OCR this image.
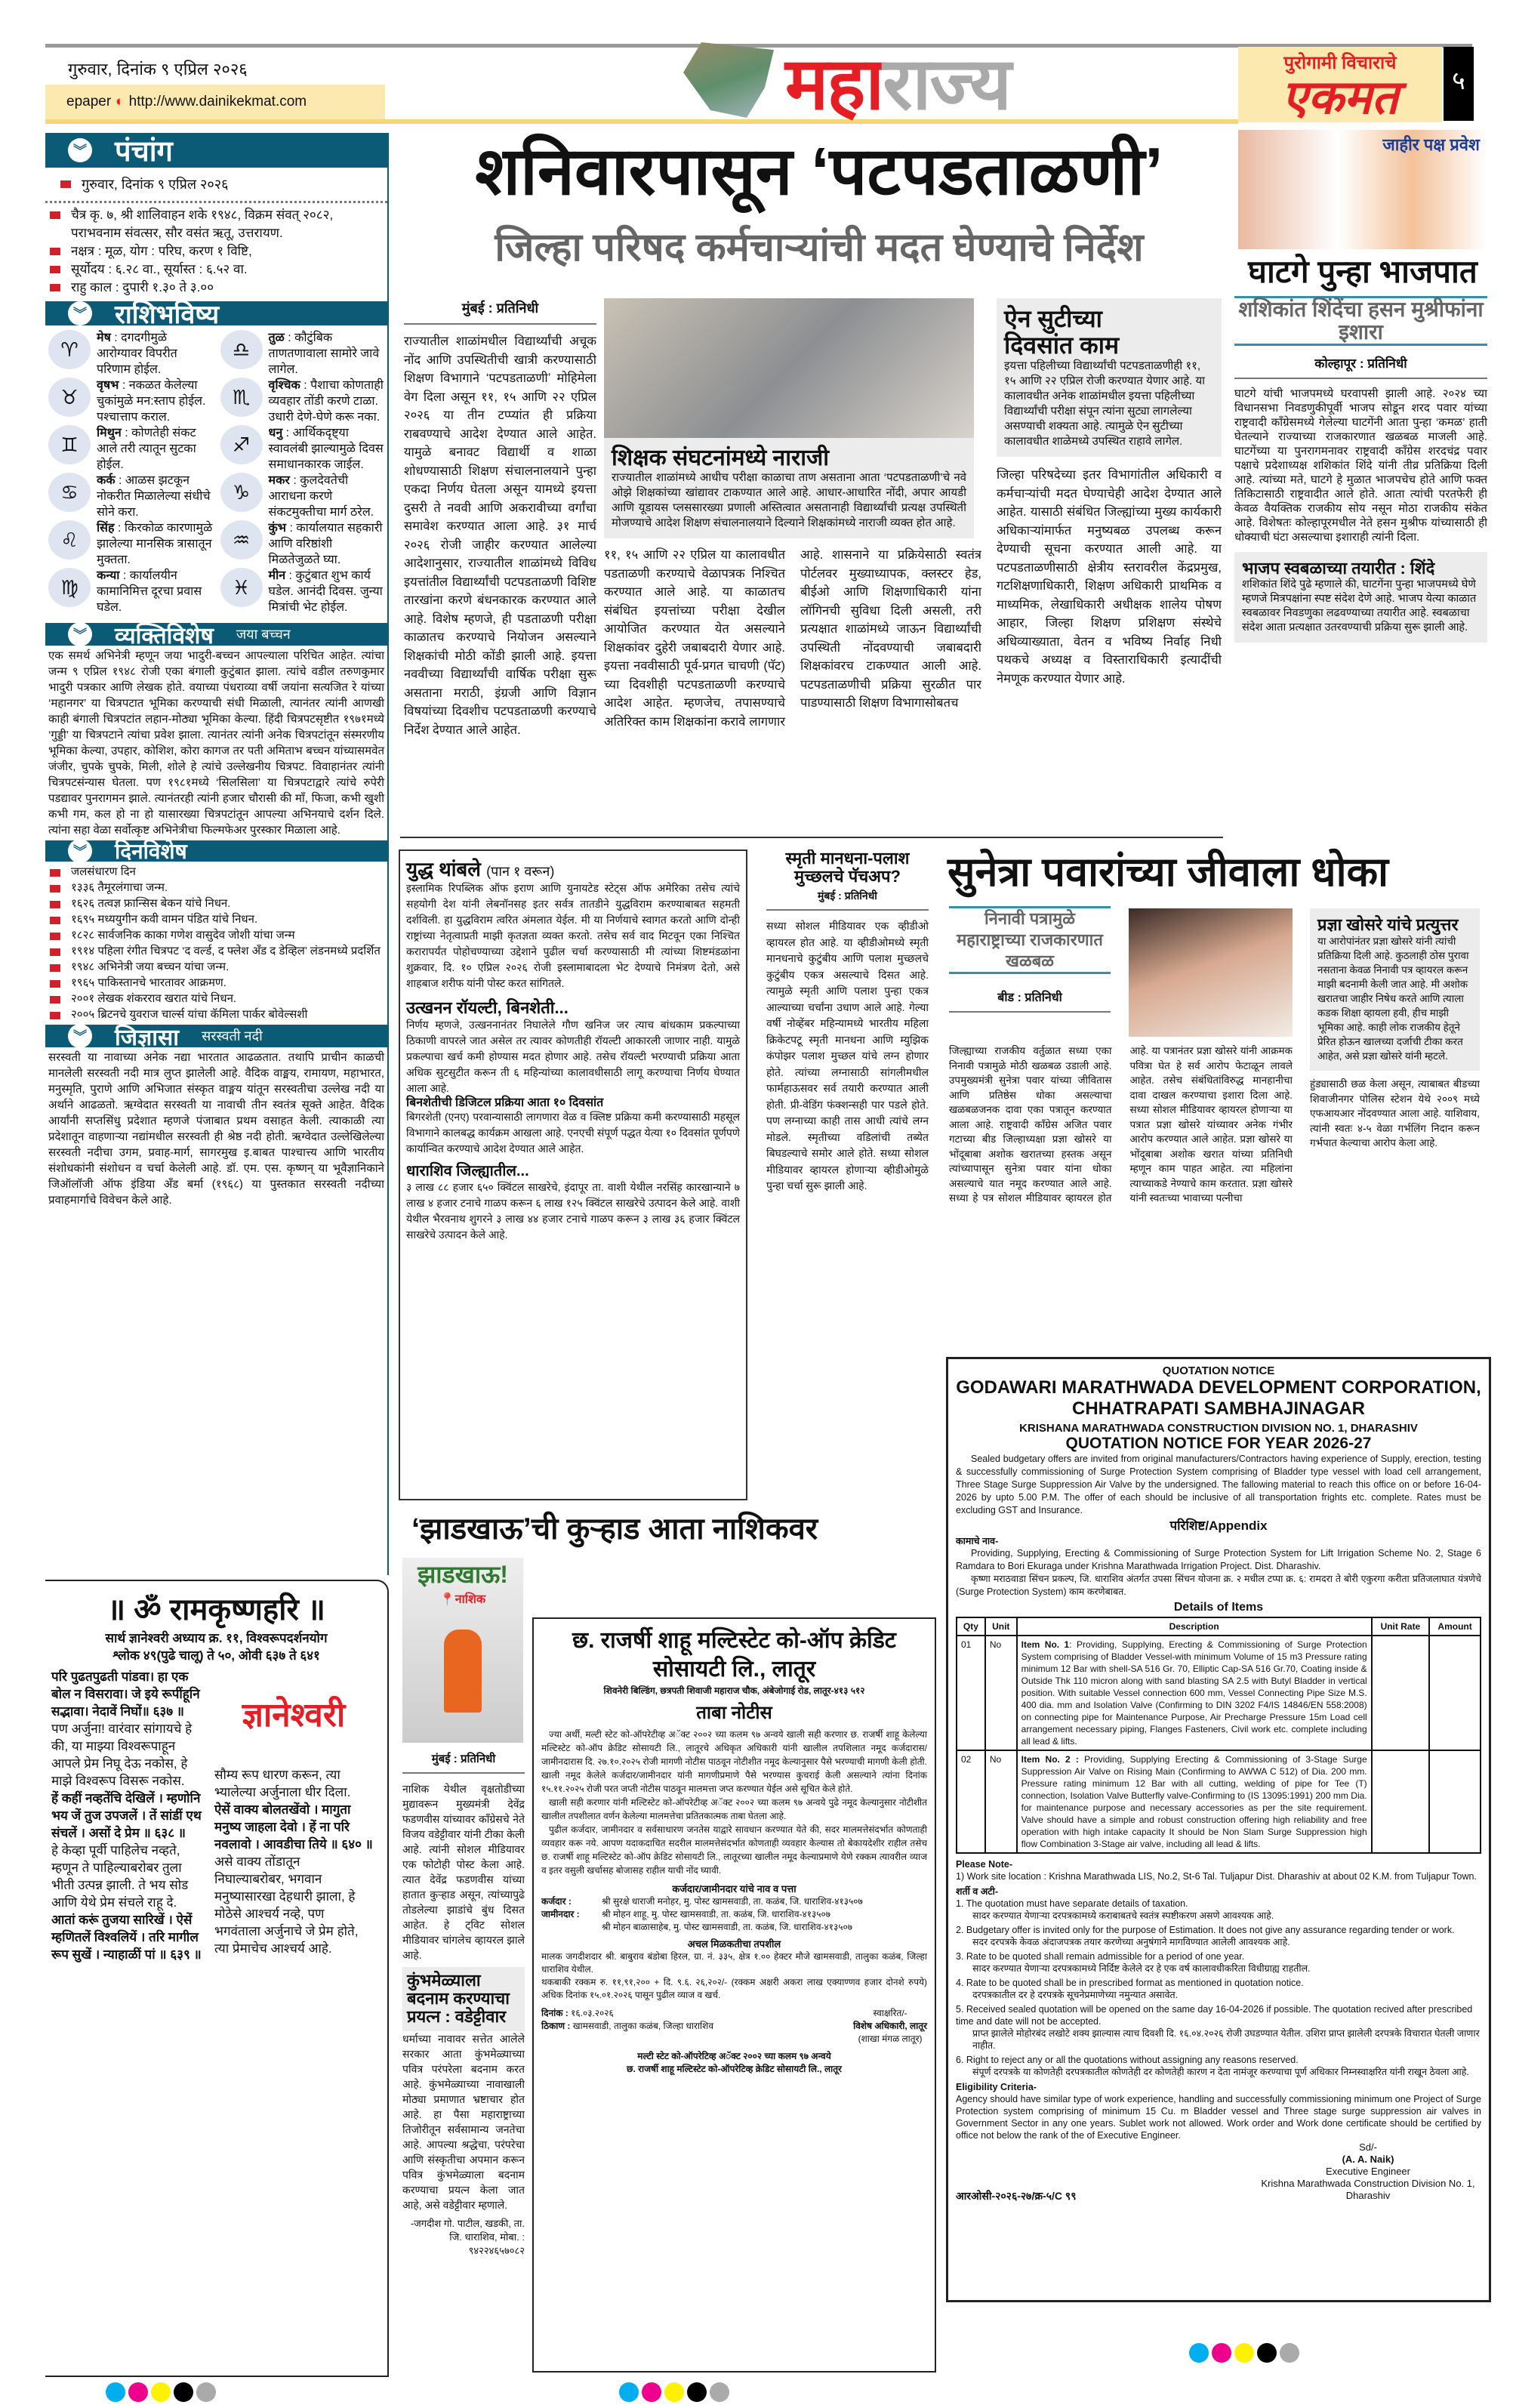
गुरुवार, दिनांक ९ एप्रिल २०२६
epaper ◐ http://www.dainikekmat.com	महाराज्य	पुरोगामी विचाराचे
एकमत	५
︾ पंचांग
गुरुवार, दिनांक ९ एप्रिल २०२६
चैत्र कृ. ७, श्री शालिवाहन शके १९४८, विक्रम संवत् २०८२, पराभवनाम संवत्सर, सौर वसंत ऋतू, उत्तरायण.
नक्षत्र : मूळ, योग : परिघ, करण १ विष्टि,
सूर्योदय : ६.२८ वा., सूर्यास्त : ६.५२ वा.
राहु काल : दुपारी १.३० ते ३.००
︾ राशिभविष्य
♈	मेष : दगदगीमुळे आरोग्यावर विपरीत परिणाम होईल.
♎	तुळ : कौटुंबिक ताणतणावाला सामोरे जावे लागेल.
♉	वृषभ : नकळत केलेल्या चुकांमुळे मन:स्ताप होईल. पश्चात्ताप कराल.
♏	वृश्चिक : पैशाचा कोणताही व्यवहार तोंडी करणे टाळा. उधारी देणे-घेणे करू नका.
♊	मिथुन : कोणतेही संकट आले तरी त्यातून सुटका होईल.
♐	धनु : आर्थिकदृष्ट्या स्वावलंबी झाल्यामुळे दिवस समाधानकारक जाईल.
♋	कर्क : आळस झटकून नोकरीत मिळालेल्या संधीचे सोने करा.
♑	मकर : कुलदेवतेची आराधना करणे संकटमुक्तीचा मार्ग ठरेल.
♌	सिंह : किरकोळ कारणामुळे झालेल्या मानसिक त्रासातून मुक्तता.
♒	कुंभ : कार्यालयात सहकारी आणि वरिष्ठांशी मिळतेजुळते घ्या.
♍	कन्या : कार्यालयीन कामानिमित्त दूरचा प्रवास घडेल.
♓	मीन : कुटुंबात शुभ कार्य घडेल. आनंदी दिवस. जुन्या मित्रांची भेट होईल.
︾ व्यक्तिविशेष जया बच्चन

एक समर्थ अभिनेत्री म्हणून जया भादुरी-बच्चन आपल्याला परिचित आहेत. त्यांचा जन्म ९ एप्रिल १९४८ रोजी एका बंगाली कुटुंबात झाला. त्यांचे वडील तरुणकुमार भादुरी पत्रकार आणि लेखक होते. वयाच्या पंधराव्या वर्षी जयांना सत्यजित रे यांच्या ‘महानगर’ या चित्रपटात भूमिका करण्याची संधी मिळाली, त्यानंतर त्यांनी आणखी काही बंगाली चित्रपटांत लहान-मोठ्या भूमिका केल्या. हिंदी चित्रपटसृष्टीत १९७१मध्ये ‘गुड्डी’ या चित्रपटाने त्यांचा प्रवेश झाला. त्यानंतर त्यांनी अनेक चित्रपटांतून संस्मरणीय भूमिका केल्या, उपहार, कोशिश, कोरा कागज तर पती अमिताभ बच्चन यांच्यासमवेत जंजीर, चुपके चुपके, मिली, शोले हे त्यांचे उल्लेखनीय चित्रपट. विवाहानंतर त्यांनी चित्रपटसंन्यास घेतला. पण १९८१मध्ये ‘सिलसिला’ या चित्रपटाद्वारे त्यांचे रुपेरी पडद्यावर पुनरागमन झाले. त्यानंतरही त्यांनी हजार चौरासी की माँ, फिजा, कभी खुशी कभी गम, कल हो ना हो यासारख्या चित्रपटांतून आपल्या अभिनयाचे दर्शन दिले. त्यांना सहा वेळा सर्वोत्कृष्ट अभिनेत्रीचा फिल्मफेअर पुरस्कार मिळाला आहे.

︾ दिनविशेष
जलसंधारण दिन
१३३६ तैमूरलंगाचा जन्म.
१६२६ तत्वज्ञ फ्रान्सिस बेकन यांचे निधन.
१६९५ मध्ययुगीन कवी वामन पंडित यांचे निधन.
१८२८ सार्वजनिक काका गणेश वासुदेव जोशी यांचा जन्म
१९१४ पहिला रंगीत चित्रपट ‘द वर्ल्ड, द फ्लेश अँड द डेव्हिल’ लंडनमध्ये प्रदर्शित
१९४८ अभिनेत्री जया बच्चन यांचा जन्म.
१९६५ पाकिस्तानचे भारतावर आक्रमण.
२००१ लेखक शंकरराव खरात यांचे निधन.
२००५ ब्रिटनचे युवराज चार्ल्स यांचा कॅमिला पार्कर बोवेल्सशी
︾ जिज्ञासा सरस्वती नदी

सरस्वती या नावाच्या अनेक नद्या भारतात आढळतात. तथापि प्राचीन काळची मानलेली सरस्वती नदी मात्र लुप्त झालेली आहे. वैदिक वाङ्मय, रामायण, महाभारत, मनुस्मृति, पुराणे आणि अभिजात संस्कृत वाङ्मय यांतून सरस्वतीचा उल्लेख नदी या अर्थाने आढळतो. ऋग्वेदात सरस्वती या नावाची तीन स्वतंत्र सूक्ते आहेत. वैदिक आर्यांनी सप्तसिंधु प्रदेशात म्हणजे पंजाबात प्रथम वसाहत केली. त्याकाळी त्या प्रदेशातून वाहणाऱ्या नद्यांमधील सरस्वती ही श्रेष्ठ नदी होती. ऋग्वेदात उल्लेखिलेल्या सरस्वती नदीचा उगम, प्रवाह-मार्ग, सागरमुख इ.बाबत पाश्चात्त्य आणि भारतीय संशोधकांनी संशोधन व चर्चा केलेली आहे. डॉ. एम. एस. कृष्णन् या भूवैज्ञानिकाने जिऑलॉजी ऑफ इंडिया अँड बर्मा (१९६८) या पुस्तकात सरस्वती नदीच्या प्रवाहमार्गाचे विवेचन केले आहे.

॥ ॐ रामकृष्णहरि ॥
सार्थ ज्ञानेश्वरी अध्याय क्र. ११, विश्वरूपदर्शनयोग
श्लोक ४९(पुढे चालू) ते ५०, ओवी ६३७ ते ६४१
परि पुढतपुढती पांडवा। हा एक बोल न विसरावा। जे इये रूपींहूनि सद्भावा। नेदावें निघों॥ ६३७ ॥
पण अर्जुना! वारंवार सांगायचे हे की, या माझ्या विश्वरूपाहून आपले प्रेम निघू देऊ नकोस, हे माझे विश्वरूप विसरू नकोस.
हें कहीं नव्हतेंचि देखिलें । म्हणोनि भय जें तुज उपजलें । तें सांडीं एथ संचलें । असों दे प्रेम ॥ ६३८ ॥
हे केव्हा पूर्वी पाहिलेच नव्हते, म्हणून ते पाहिल्याबरोबर तुला भीती उत्पन्न झाली. ते भय सोड आणि येथे प्रेम संचले राहू दे.
आतां करूं तुजया सारिखें । ऐसें म्हणितलें विश्वलियें । तरि मागील रूप सुखें । न्याहाळीं पां ॥ ६३९ ॥
ज्ञानेश्वरी
सौम्य रूप धारण करून, त्या भ्यालेल्या अर्जुनाला धीर दिला.
ऐसें वाक्य बोलतखेंवो । मागुता मनुष्य जाहला देवो । हें ना परि नवलावो । आवडीचा तिये ॥ ६४० ॥
असे वाक्य तोंडातून निघाल्याबरोबर, भगवान मनुष्यासारखा देहधारी झाला, हे मोठेसे आश्चर्य नव्हे, पण भगवंताला अर्जुनाचे जे प्रेम होते, त्या प्रेमाचेच आश्चर्य आहे.
शनिवारपासून ‘पटपडताळणी’
जिल्हा परिषद कर्मचाऱ्यांची मदत घेण्याचे निर्देश
मुंबई : प्रतिनिधी

राज्यातील शाळांमधील विद्यार्थ्यांची अचूक नोंद आणि उपस्थितीची खात्री करण्यासाठी शिक्षण विभागाने ‘पटपडताळणी’ मोहिमेला वेग दिला असून ११, १५ आणि २२ एप्रिल २०२६ या तीन टप्प्यांत ही प्रक्रिया राबवण्याचे आदेश देण्यात आले आहेत. यामुळे बनावट विद्यार्थी व शाळा शोधण्यासाठी शिक्षण संचालनालयाने पुन्हा एकदा निर्णय घेतला असून यामध्ये इयत्ता दुसरी ते नववी आणि अकरावीच्या वर्गांचा समावेश करण्यात आला आहे. ३१ मार्च २०२६ रोजी जाहीर करण्यात आलेल्या आदेशानुसार, राज्यातील शाळांमध्ये विविध इयत्तांतील विद्यार्थ्यांची पटपडताळणी विशिष्ट तारखांना करणे बंधनकारक करण्यात आले आहे. विशेष म्हणजे, ही पडताळणी परीक्षा काळातच करण्याचे नियोजन असल्याने शिक्षकांची मोठी कोंडी झाली आहे. इयत्ता नववीच्या विद्यार्थ्यांची वार्षिक परीक्षा सुरू असताना मराठी, इंग्रजी आणि विज्ञान विषयांच्या दिवशीच पटपडताळणी करण्याचे निर्देश देण्यात आले आहेत.

शिक्षक संघटनांमध्ये नाराजी

राज्यातील शाळांमध्ये आधीच परीक्षा काळाचा ताण असताना आता ‘पटपडताळणी’चे नवे ओझे शिक्षकांच्या खांद्यावर टाकण्यात आले आहे. आधार-आधारित नोंदी, अपार आयडी आणि यूडायस प्लससारख्या प्रणाली अस्तित्वात असतानाही विद्यार्थ्यांची प्रत्यक्ष उपस्थिती मोजण्याचे आदेश शिक्षण संचालनालयाने दिल्याने शिक्षकांमध्ये नाराजी व्यक्त होत आहे.

११, १५ आणि २२ एप्रिल या कालावधीत पडताळणी करण्याचे वेळापत्रक निश्चित करण्यात आले आहे. या काळातच संबंधित इयत्तांच्या परीक्षा देखील आयोजित करण्यात येत असल्याने शिक्षकांवर दुहेरी जबाबदारी येणार आहे. इयत्ता नववीसाठी पूर्व-प्रगत चाचणी (पॅट) च्या दिवशीही पटपडताळणी करण्याचे आदेश आहेत. म्हणजेच, तपासण्याचे अतिरिक्त काम शिक्षकांना करावे लागणार आहे. शासनाने या प्रक्रियेसाठी स्वतंत्र पोर्टलवर मुख्याध्यापक, क्लस्टर हेड, बीईओ आणि शिक्षणाधिकारी यांना लॉगिनची सुविधा दिली असली, तरी प्रत्यक्षात शाळांमध्ये जाऊन विद्यार्थ्यांची उपस्थिती नोंदवण्याची जबाबदारी शिक्षकांवरच टाकण्यात आली आहे. पटपडताळणीची प्रक्रिया सुरळीत पार पाडण्यासाठी शिक्षण विभागासोबतच
ऐन सुटीच्या दिवसांत काम

इयत्ता पहिलीच्या विद्यार्थ्यांची पटपडताळणीही ११, १५ आणि २२ एप्रिल रोजी करण्यात येणार आहे. या कालावधीत अनेक शाळांमधील इयत्ता पहिलीच्या विद्यार्थ्यांची परीक्षा संपून त्यांना सुट्या लागलेल्या असण्याची शक्यता आहे. त्यामुळे ऐन सुटीच्या कालावधीत शाळेमध्ये उपस्थित राहावे लागेल.

जिल्हा परिषदेच्या इतर विभागांतील अधिकारी व कर्मचाऱ्यांची मदत घेण्याचेही आदेश देण्यात आले आहेत. यासाठी संबंधित जिल्ह्यांच्या मुख्य कार्यकारी अधिकाऱ्यांमार्फत मनुष्यबळ उपलब्ध करून देण्याची सूचना करण्यात आली आहे. या पटपडताळणीसाठी क्षेत्रीय स्तरावरील केंद्रप्रमुख, गटशिक्षणाधिकारी, शिक्षण अधिकारी प्राथमिक व माध्यमिक, लेखाधिकारी अधीक्षक शालेय पोषण आहार, जिल्हा शिक्षण प्रशिक्षण संस्थेचे अधिव्याख्याता, वेतन व भविष्य निर्वाह निधी पथकचे अध्यक्ष व विस्ताराधिकारी इत्यादींची नेमणूक करण्यात येणार आहे.
जाहीर पक्ष प्रवेश
घाटगे पुन्हा भाजपात
शशिकांत शिंदेंचा हसन मुश्रीफांना इशारा
कोल्हापूर : प्रतिनिधी

घाटगे यांची भाजपमध्ये घरवापसी झाली आहे. २०२४ च्या विधानसभा निवडणुकीपूर्वी भाजप सोडून शरद पवार यांच्या राष्ट्रवादी काँग्रेसमध्ये गेलेल्या घाटगेंनी आता पुन्हा ‘कमळ’ हाती घेतल्याने राज्याच्या राजकारणात खळबळ माजली आहे. घाटगेंच्या या पुनरागमनावर राष्ट्रवादी काँग्रेस शरदचंद्र पवार पक्षाचे प्रदेशाध्यक्ष शशिकांत शिंदे यांनी तीव्र प्रतिक्रिया दिली आहे. त्यांच्या मते, घाटगे हे मुळात भाजपचेच होते आणि फक्त तिकिटासाठी राष्ट्रवादीत आले होते. आता त्यांची परतफेरी ही केवळ वैयक्तिक राजकीय सोय नसून मोठा राजकीय संकेत आहे. विशेषतः कोल्हापूरमधील नेते हसन मुश्रीफ यांच्यासाठी ही धोक्याची घंटा असल्याचा इशाराही त्यांनी दिला.

भाजप स्वबळाच्या तयारीत : शिंदे

शशिकांत शिंदे पुढे म्हणाले की, घाटगेंना पुन्हा भाजपमध्ये घेणे म्हणजे मित्रपक्षांना स्पष्ट संदेश देणे आहे. भाजप येत्या काळात स्वबळावर निवडणुका लढवण्याच्या तयारीत आहे. स्वबळाचा संदेश आता प्रत्यक्षात उतरवण्याची प्रक्रिया सुरू झाली आहे.

युद्ध थांबले (पान १ वरून)

इस्लामिक रिपब्लिक ऑफ इराण आणि युनायटेड स्टेट्स ऑफ अमेरिका तसेच त्यांचे सहयोगी देश यांनी लेबनॉनसह इतर सर्वत्र तातडीने युद्धविराम करण्याबाबत सहमती दर्शविली. हा युद्धविराम त्वरित अंमलात येईल. मी या निर्णयाचे स्वागत करतो आणि दोन्ही राष्ट्रांच्या नेतृत्वाप्रती माझी कृतज्ञता व्यक्त करतो. तसेच सर्व वाद मिटवून एका निश्चित करारापर्यंत पोहोचण्याच्या उद्देशाने पुढील चर्चा करण्यासाठी मी त्यांच्या शिष्टमंडळांना शुक्रवार, दि. १० एप्रिल २०२६ रोजी इस्लामाबादला भेट देण्याचे निमंत्रण देतो, असे शाहबाज शरीफ यांनी पोस्ट करत सांगितले.

उत्खनन रॉयल्टी, बिनशेती...

निर्णय म्हणजे, उत्खननानंतर निघालेले गौण खनिज जर त्याच बांधकाम प्रकल्पाच्या ठिकाणी वापरले जात असेल तर त्यावर कोणतीही रॉयल्टी आकारली जाणार नाही. यामुळे प्रकल्पाचा खर्च कमी होण्यास मदत होणार आहे. तसेच रॉयल्टी भरण्याची प्रक्रिया आता अधिक सुटसुटीत करून ती ६ महिन्यांच्या कालावधीसाठी लागू करण्याचा निर्णय घेण्यात आला आहे.

बिनशेतीची डिजिटल प्रक्रिया आता १० दिवसांत

बिगरशेती (एनए) परवान्यासाठी लागणारा वेळ व क्लिष्ट प्रक्रिया कमी करण्यासाठी महसूल विभागाने कालबद्ध कार्यक्रम आखला आहे. एनएची संपूर्ण पद्धत येत्या १० दिवसांत पूर्णपणे कार्यान्वित करण्याचे आदेश देण्यात आले आहेत.

धाराशिव जिल्ह्यातील...

३ लाख ८८ हजार ६५० क्विंटल साखरेचे, इंदापूर ता. वाशी येथील नरसिंह कारखान्याने ७ लाख ४ हजार टनाचे गाळप करून ६ लाख १२५ क्विंटल साखरेचे उत्पादन केले आहे. वाशी येथील भैरवनाथ शुगरने ३ लाख ४४ हजार टनाचे गाळप करून ३ लाख ३६ हजार क्विंटल साखरेचे उत्पादन केले आहे.

स्मृती मानधना-पलाश मुच्छलचे पॅचअप?
मुंबई : प्रतिनिधी

सध्या सोशल मीडियावर एक व्हीडीओ व्हायरल होत आहे. या व्हीडीओमध्ये स्मृती मानधनाचे कुटुंबीय आणि पलाश मुच्छलचे कुटुंबीय एकत्र असल्याचे दिसत आहे. त्यामुळे स्मृती आणि पलाश पुन्हा एकत्र आल्याच्या चर्चांना उधाण आले आहे. गेल्या वर्षी नोव्हेंबर महिन्यामध्ये भारतीय महिला क्रिकेटपटू स्मृती मानधना आणि म्युझिक कंपोझर पलाश मुच्छल यांचे लग्न होणार होते. त्यांच्या लग्नासाठी सांगलीमधील फार्महाऊसवर सर्व तयारी करण्यात आली होती. प्री-वेडिंग फंक्शन्सही पार पडले होते. पण लग्नाच्या काही तास आधी त्यांचे लग्न मोडले. स्मृतीच्या वडिलांची तब्येत बिघडल्याचे समोर आले होते. सध्या सोशल मीडियावर व्हायरल होणाऱ्या व्हीडीओमुळे पुन्हा चर्चा सुरू झाली आहे.

सुनेत्रा पवारांच्या जीवाला धोका
निनावी पत्रामुळे महाराष्ट्राच्या राजकारणात खळबळ
बीड : प्रतिनिधी
जिल्ह्याच्या राजकीय वर्तुळात सध्या एका निनावी पत्रामुळे मोठी खळबळ उडाली आहे. उपमुख्यमंत्री सुनेत्रा पवार यांच्या जीवितास आणि प्रतिष्ठेस धोका असल्याचा खळबळजनक दावा एका पत्रातून करण्यात आला आहे. राष्ट्रवादी काँग्रेस अजित पवार गटाच्या बीड जिल्हाध्यक्षा प्रज्ञा खोसरे या भोंदूबाबा अशोक खरातच्या हस्तक असून त्यांच्यापासून सुनेत्रा पवार यांना धोका असल्याचे यात नमूद करण्यात आले आहे. सध्या हे पत्र सोशल मीडियावर व्हायरल होत आहे. या पत्रानंतर प्रज्ञा खोसरे यांनी आक्रमक पवित्रा घेत हे सर्व आरोप फेटाळून लावले आहेत. तसेच संबंधितांविरुद्ध मानहानीचा दावा दाखल करण्याचा इशारा दिला आहे. सध्या सोशल मीडियावर व्हायरल होणाऱ्या या पत्रात प्रज्ञा खोसरे यांच्यावर अनेक गंभीर आरोप करण्यात आले आहेत. प्रज्ञा खोसरे या भोंदूबाबा अशोक खरात यांच्या प्रतिनिधी म्हणून काम पाहत आहेत. त्या महिलांना त्याच्याकडे नेण्याचे काम करतात. प्रज्ञा खोसरे यांनी स्वतःच्या भावाच्या पत्नीचा
प्रज्ञा खोसरे यांचे प्रत्युत्तर

या आरोपांनंतर प्रज्ञा खोसरे यांनी त्यांची प्रतिक्रिया दिली आहे. कुठलाही ठोस पुरावा नसताना केवळ निनावी पत्र व्हायरल करून माझी बदनामी केली जात आहे. मी अशोक खरातचा जाहीर निषेध करते आणि त्याला कडक शिक्षा व्हायला हवी, हीच माझी भूमिका आहे. काही लोक राजकीय हेतूने प्रेरित होऊन खालच्या दर्जाची टीका करत आहेत, असे प्रज्ञा खोसरे यांनी म्हटले.

हुंड्यासाठी छळ केला असून, त्याबाबत बीडच्या शिवाजीनगर पोलिस स्टेशन येथे २००९ मध्ये एफआयआर नोंदवण्यात आला आहे. याशिवाय, त्यांनी स्वतः ४-५ वेळा गर्भलिंग निदान करून गर्भपात केल्याचा आरोप केला आहे.
‘झाडखाऊ’ची कुऱ्हाड आता नाशिकवर
झाडखाऊ!
📍नाशिक
मुंबई : प्रतिनिधी

नाशिक येथील वृक्षतोडीच्या मुद्यावरून मुख्यमंत्री देवेंद्र फडणवीस यांच्यावर काँग्रेसचे नेते विजय वडेट्टीवार यांनी टीका केली आहे. त्यांनी सोशल मीडियावर एक फोटोही पोस्ट केला आहे. त्यात देवेंद्र फडणवीस यांच्या हातात कुऱ्हाड असून, त्यांच्यापुढे तोडलेल्या झाडांचे बुंध दिसत आहेत. हे ट्विट सोशल मीडियावर चांगलेच व्हायरल झाले आहे.

कुंभमेळ्याला बदनाम करण्याचा प्रयत्न : वडेट्टीवार

धर्माच्या नावावर सत्तेत आलेले सरकार आता कुंभमेळ्याच्या पवित्र परंपरेला बदनाम करत आहे. कुंभमेळ्याच्या नावाखाली मोठ्या प्रमाणात भ्रष्टाचार होत आहे. हा पैसा महाराष्ट्राच्या तिजोरीतून सर्वसामान्य जनतेचा आहे. आपल्या श्रद्धेचा, परंपरेचा आणि संस्कृतीचा अपमान करून पवित्र कुंभमेळ्याला बदनाम करण्याचा प्रयत्न केला जात आहे, असे वडेट्टीवार म्हणाले.

-जगदीश गो. पाटील, खडकी, ता. जि. धाराशिव, मोबा. : ९४२२४६५७०८२
छ. राजर्षी शाहू मल्टिस्टेट को-ऑप क्रेडिट सोसायटी लि., लातूर
शिवनेरी बिल्डिंग, छत्रपती शिवाजी महाराज चौक, अंबेजोगाई रोड, लातूर-४१३ ५१२
ताबा नोटीस

ज्या अर्थी, मल्टी स्टेट को-ऑपरेटीव्ह अॅक्ट २००२ च्या कलम ९७ अन्वये खाली सही करणार छ. राजर्षी शाहू केलेल्या मल्टिस्टेट को-ऑप क्रेडिट सोसायटी लि., लातूरचे अधिकृत अधिकारी यांनी खालील तपशिलात नमूद कर्जदारास/जामीनदारास दि. २७.१०.२०२५ रोजी मागणी नोटीस पाठवून नोटीशीत नमूद केल्यानुसार पैसे भरण्याची मागणी केली होती. खाली नमूद केलेले कर्जदार/जामीनदार यांनी मागणीप्रमाणे पैसे भरण्यास कुचराई केली असल्याने त्यांना दिनांक १५.११.२०२५ रोजी परत जप्ती नोटीस पाठवून मालमत्ता जप्त करण्यात येईल असे सूचित केले होते.

खाली सही करणार यांनी मल्टिस्टेट को-ऑपरेटीव्ह अॅक्ट २००२ च्या कलम ९७ अन्वये पुढे नमूद केल्यानुसार नोटीशीत खालील तपशीलात वर्णन केलेल्या मालमत्तेचा प्रतितकात्मक ताबा घेतला आहे.

पुढील कर्जदार, जामीनदार व सर्वसाधारण जनतेस याद्वारे सावधान करण्यात येते की, सदर मालमत्तेसंदर्भात कोणताही व्यवहार करू नये. आपण यदाकदाचित सदरील मालमत्तेसंदर्भात कोणताही व्यवहार केल्यास तो बेकायदेशीर राहील तसेच छ. राजर्षी शाहू मल्टिस्टेट को-ऑप क्रेडिट सोसायटी लि., लातूरच्या खालील नमूद केल्याप्रमाणे येणे रक्कम त्यावरील व्याज व इतर वसुली खर्चासह बोजासह राहील याची नोंद घ्यावी.

कर्जदार/जामीनदार यांचे नाव व पत्ता
कर्जदार :	श्री सुरक्षे धाराजी मनोहर, मु. पोस्ट खामसवाडी, ता. कळंब, जि. धाराशिव-४१३५०७
जामीनदार :	श्री मोहन शाहू, मु. पोस्ट खामसवाडी, ता. कळंब, जि. धाराशिव-४१३५०७
श्री मोहन बाळासाहेब, मु. पोस्ट खामसवाडी, ता. कळंब, जि. धाराशिव-४१३५०७
अचल मिळकतीचा तपशील

मालक जगदीशदार श्री. बाबुराव बंडोबा हिरल, ग्रा. नं. ३३५, क्षेत्र १.०० हेक्टर मौजे खामसवाडी, तालुका कळंब, जिल्हा धाराशिव येथील.

थकबाकी रक्कम रु. ११,९१,२०० + दि. ९.६. २६,२०२/- (रक्कम अक्षरी अकरा लाख एक्याण्णव हजार दोनशे रुपये) अधिक दिनांक १५.०१.२०२६ पासून पुढील व्याज व खर्च.

दिनांक : १६.०३.२०२६
ठिकाण : खामसवाडी, तालुका कळंब, जिल्हा धाराशिव
स्वाक्षरित/-
विशेष अधिकारी, लातूर
(शाखा मंगळ लातूर)
मल्टी स्टेट को-ऑपरेटिव्ह अॅक्ट २००२ च्या कलम ९७ अन्वये
छ. राजर्षी शाहू मल्टिस्टेट को-ऑपरेटिव्ह क्रेडिट सोसायटी लि., लातूर
QUOTATION NOTICE
GODAWARI MARATHWADA DEVELOPMENT CORPORATION, CHHATRAPATI SAMBHAJINAGAR
KRISHANA MARATHWADA CONSTRUCTION DIVISION NO. 1, DHARASHIV
QUOTATION NOTICE FOR YEAR 2026-27

Sealed budgetary offers are invited from original manufacturers/Contractors having experience of Supply, erection, testing & successfully commissioning of Surge Protection System comprising of Bladder type vessel with load cell arrangement, Three Stage Surge Suppression Air Valve by the undersigned. The fallowing material to reach this office on or before 16-04-2026 by upto 5.00 P.M. The offer of each should be inclusive of all transportation frights etc. complete. Rates must be excluding GST and Insurance.

परिशिष्ट/Appendix
कामाचे नाव-

Providing, Supplying, Erecting & Commissioning of Surge Protection System for Lift Irrigation Scheme No. 2, Stage 6 Ramdara to Bori Ekuraga under Krishna Marathwada Irrigation Project. Dist. Dharashiv.

कृष्णा मराठवाडा सिंचन प्रकल्प, जि. धाराशिव अंतर्गत उपसा सिंचन योजना क्र. २ मधील टप्पा क्र. ६: रामदरा ते बोरी एकुरगा करीता प्रतिजलाघात यंत्रणेचे (Surge Protection System) काम करणेबाबत.

Details of Items
Qty	Unit	Description	Unit Rate	Amount
01	No	Item No. 1: Providing, Supplying, Erecting & Commissioning of Surge Protection System comprising of Bladder Vessel-with minimum Volume of 15 m3 Pressure rating minimum 12 Bar with shell-SA 516 Gr. 70, Elliptic Cap-SA 516 Gr.70, Coating inside & Outside Thk 110 micron along with sand blasting SA 2.5 with Butyl Bladder in vertical position. With suitable Vessel connection 600 mm, Vessel Connecting Pipe Size M.S. 400 dia. mm and Isolation Valve (Confirming to DIN 3202 F4/IS 14846/EN 558:2008) on connecting pipe for Maintenance Purpose, Air Precharge Pressure 15m Load cell arrangement necessary piping, Flanges Fasteners, Civil work etc. complete including all lead & lifts.		
02	No	Item No. 2 : Providing, Supplying Erecting & Commissioning of 3-Stage Surge Suppression Air Valve on Rising Main (Confirming to AWWA C 512) of Dia. 200 mm. Pressure rating minimum 12 Bar with all cutting, welding of pipe for Tee (T) connection, Isolation Valve Butterfly valve-Confirming to (IS 13095:1991) 200 mm Dia. for maintenance purpose and necessary accessories as per the site requirement. Valve should have a simple and robust construction offering high reliability and free operation with high intake capacity It should be Non Slam Surge Suppression high flow Combination 3-Stage air valve, including all lead & lifts.		
Please Note-
1) Work site location : Krishna Marathwada LIS, No.2, St-6 Tal. Tuljapur Dist. Dharashiv at about 02 K.M. from Tuljapur Town.
शर्ती व अटी-
1. The quotation must have separate details of taxation.
सादर करण्यात येणाऱ्या दरपत्रकामध्ये कराबाबतचे स्वतंत्र स्पष्टीकरण असणे आवश्यक आहे.
2. Budgetary offer is invited only for the purpose of Estimation. It does not give any assurance regarding tender or work.
सदर दरपत्रके केवळ अंदाजपत्रक तयार करणेच्या अनुषंगाने मागविण्यात आलेली आवश्यक आहे.
3. Rate to be quoted shall remain admissible for a period of one year.
सादर करण्यात येणाऱ्या दरपत्रकामध्ये निर्दिष्ट केलेले दर हे एक वर्ष कालावधीकरिता विधीग्राह्य राहतील.
4. Rate to be quoted shall be in prescribed format as mentioned in quotation notice.
दरपत्रकातील दर हे दरपत्रके सूचनेप्रमाणेच्या नमुन्यात असावेत.
5. Received sealed quotation will be opened on the same day 16-04-2026 if possible. The quotation recived after prescribed time and date will not be accepted.
प्राप्त झालेले मोहोरबंद लखोटे शक्य झाल्यास त्याच दिवशी दि. १६.०४.२०२६ रोजी उघडण्यात येतील. उशिरा प्राप्त झालेली दरपत्रके विचारात घेतली जाणार नाहीत.
6. Right to reject any or all the quotations without assigning any reasons reserved.
संपूर्ण दरपत्रके या कोणतेही दरपत्रकातील कोणतेही दर कोणतेही कारण न देता नामंजूर करण्याचा पूर्ण अधिकार निम्नस्वाक्षरित यांनी राखून ठेवला आहे.
Eligibility Criteria-

Agency should have similar type of work experience, handling and successfully commissioning minimum one Project of Surge Protection system comprising of minimum 15 Cu. m Bladder vessel and Three stage surge suppression air valves in Government Sector in any one years. Sublet work not allowed. Work order and Work done certificate should be certified by office not below the rank of the of Executive Engineer.

आरओसी-२०२६-२७/क्र-५/C ९९
Sd/-
(A. A. Naik)
Executive Engineer
Krishna Marathwada Construction Division No. 1, Dharashiv
